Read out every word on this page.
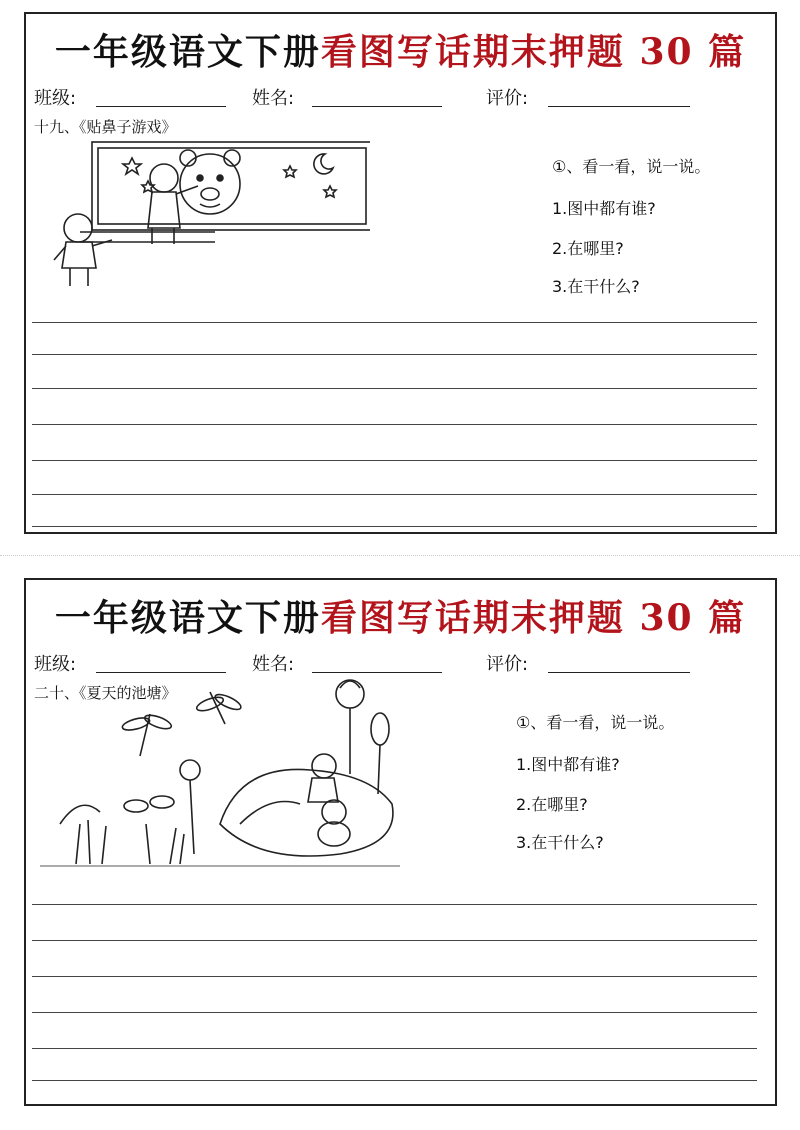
一年级语文下册看图写话期末押题 30 篇
班级:	姓名:	评价:
十九、《贴鼻子游戏》
①、看一看，说一说。
1.图中都有谁?
2.在哪里?
3.在干什么?
一年级语文下册看图写话期末押题 30 篇
班级:	姓名:	评价:
二十、《夏天的池塘》
①、看一看，说一说。
1.图中都有谁?
2.在哪里?
3.在干什么?
